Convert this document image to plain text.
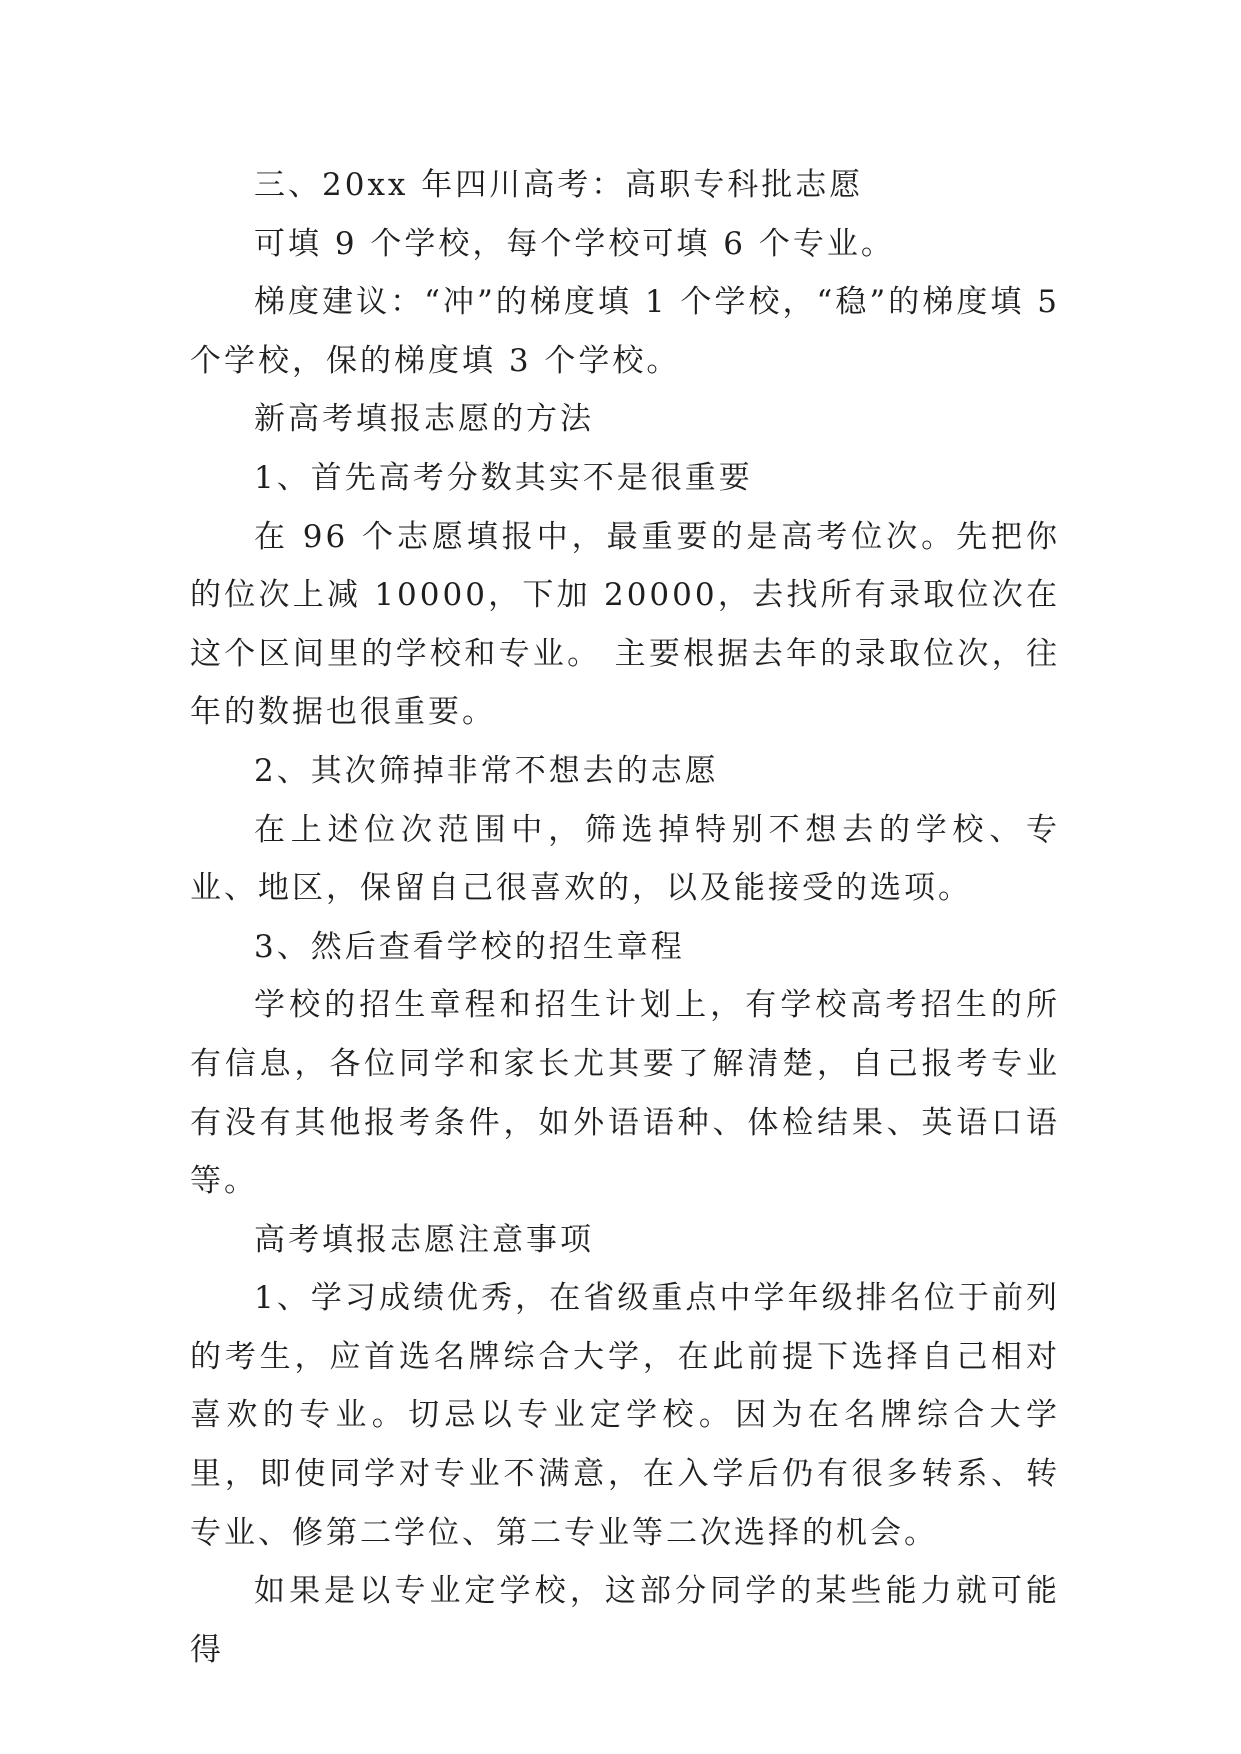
三、20xx 年四川高考：高职专科批志愿

可填 9 个学校，每个学校可填 6 个专业。

梯度建议：“冲”的梯度填 1 个学校，“稳”的梯度填 5 个学校，保的梯度填 3 个学校。

新高考填报志愿的方法

1、首先高考分数其实不是很重要

在 96 个志愿填报中，最重要的是高考位次。先把你的位次上减 10000，下加 20000，去找所有录取位次在这个区间里的学校和专业。 主要根据去年的录取位次，往年的数据也很重要。

2、其次筛掉非常不想去的志愿

在上述位次范围中，筛选掉特别不想去的学校、专业、地区，保留自己很喜欢的，以及能接受的选项。

3、然后查看学校的招生章程

学校的招生章程和招生计划上，有学校高考招生的所有信息，各位同学和家长尤其要了解清楚，自己报考专业有没有其他报考条件，如外语语种、体检结果、英语口语等。

高考填报志愿注意事项

1、学习成绩优秀，在省级重点中学年级排名位于前列的考生，应首选名牌综合大学，在此前提下选择自己相对喜欢的专业。切忌以专业定学校。因为在名牌综合大学里，即使同学对专业不满意，在入学后仍有很多转系、转专业、修第二学位、第二专业等二次选择的机会。

如果是以专业定学校，这部分同学的某些能力就可能得
